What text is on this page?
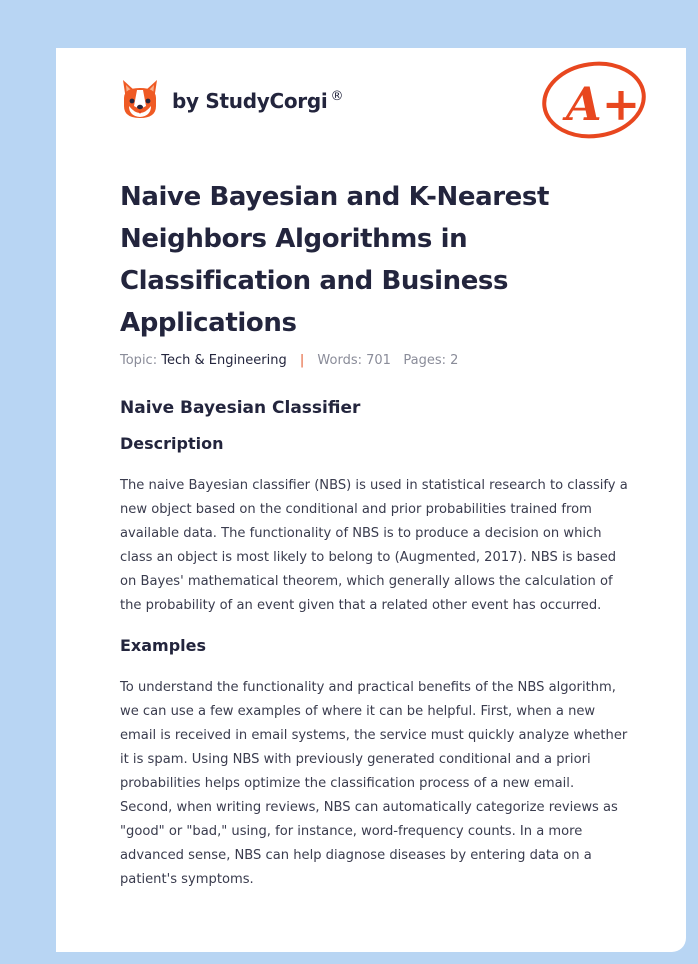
by StudyCorgi ®	A+
Naive Bayesian and K-Nearest Neighbors Algorithms in Classification and Business Applications
Topic: Tech & Engineering | Words: 701 Pages: 2
Naive Bayesian Classifier
Description

The naive Bayesian classifier (NBS) is used in statistical research to classify a new object based on the conditional and prior probabilities trained from available data. The functionality of NBS is to produce a decision on which class an object is most likely to belong to (Augmented, 2017). NBS is based on Bayes' mathematical theorem, which generally allows the calculation of the probability of an event given that a related other event has occurred.

Examples

To understand the functionality and practical benefits of the NBS algorithm, we can use a few examples of where it can be helpful. First, when a new email is received in email systems, the service must quickly analyze whether it is spam. Using NBS with previously generated conditional and a priori probabilities helps optimize the classification process of a new email. Second, when writing reviews, NBS can automatically categorize reviews as "good" or "bad," using, for instance, word-frequency counts. In a more advanced sense, NBS can help diagnose diseases by entering data on a patient's symptoms.
